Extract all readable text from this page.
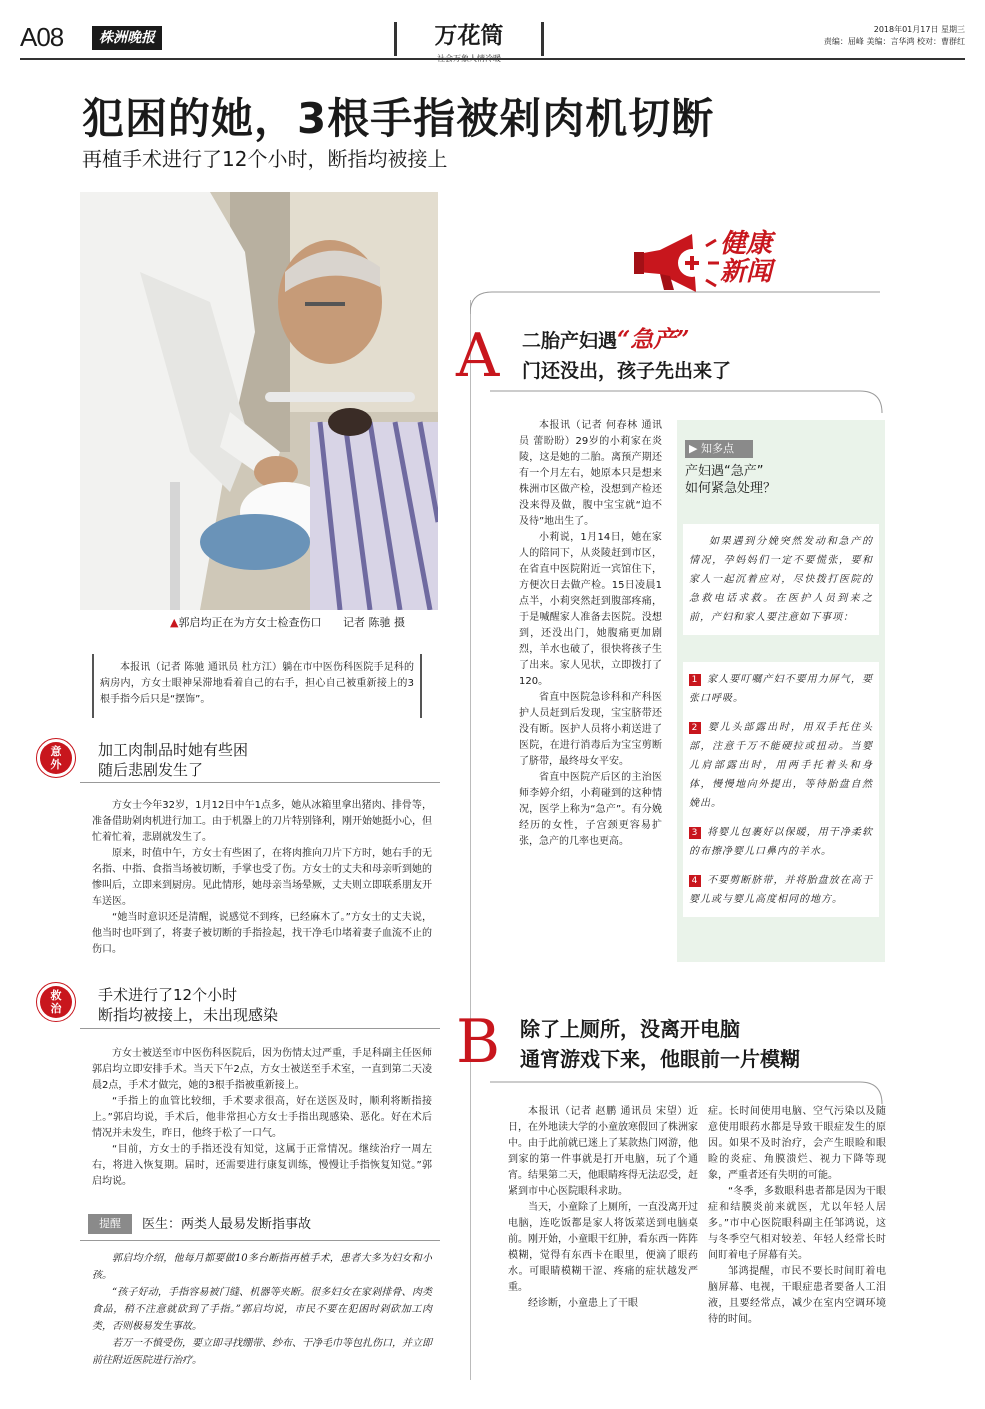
A08	株洲晚报	万花筒	2018年01月17日 星期三
责编：屈峰 美编：言华鸿 校对：曹群红
犯困的她，3根手指被剁肉机切断
再植手术进行了12个小时，断指均被接上
▲郭启均正在为方女士检查伤口 记者 陈驰 摄

本报讯（记者 陈驰 通讯员 杜方江）躺在市中医伤科医院手足科的病房内，方女士眼神呆滞地看着自己的右手，担心自己被重新接上的3根手指今后只是“摆饰”。

意外
加工肉制品时她有些困
随后悲剧发生了

方女士今年32岁，1月12日中午1点多，她从冰箱里拿出猪肉、排骨等，准备借助剁肉机进行加工。由于机器上的刀片特别锋利，刚开始她挺小心，但忙着忙着，悲剧就发生了。

原来，时值中午，方女士有些困了，在将肉推向刀片下方时，她右手的无名指、中指、食指当场被切断，手掌也受了伤。方女士的丈夫和母亲听到她的惨叫后，立即来到厨房。见此情形，她母亲当场晕厥，丈夫则立即联系朋友开车送医。

“她当时意识还是清醒，说感觉不到疼，已经麻木了。”方女士的丈夫说，他当时也吓到了，将妻子被切断的手指捡起，找干净毛巾堵着妻子血流不止的伤口。

救治
手术进行了12个小时
断指均被接上，未出现感染

方女士被送至市中医伤科医院后，因为伤情太过严重，手足科副主任医师郭启均立即安排手术。当天下午2点，方女士被送至手术室，一直到第二天凌晨2点，手术才做完，她的3根手指被重新接上。

“手指上的血管比较细，手术要求很高，好在送医及时，顺利将断指接上。”郭启均说，手术后，他非常担心方女士手指出现感染、恶化。好在术后情况并未发生，昨日，他终于松了一口气。

“目前，方女士的手指还没有知觉，这属于正常情况。继续治疗一周左右，将进入恢复期。届时，还需要进行康复训练，慢慢让手指恢复知觉。”郭启均说。

提醒	医生：两类人最易发断指事故

郭启均介绍，他每月都要做10多台断指再植手术，患者大多为妇女和小孩。

“孩子好动，手指容易被门缝、机器等夹断。很多妇女在家剁排骨、肉类食品，稍不注意就砍到了手指。”郭启均说，市民不要在犯困时剁砍加工肉类，否则极易发生事故。

若万一不慎受伤，要立即寻找绷带、纱布、干净毛巾等包扎伤口，并立即前往附近医院进行治疗。

健康
新闻
A 二胎产妇遇“急产”
门还没出，孩子先出来了

本报讯（记者 何春林 通讯员 蕾盼盼）29岁的小莉家在炎陵，这是她的二胎。离预产期还有一个月左右，她原本只是想来株洲市区做产检，没想到产检还没来得及做，腹中宝宝就“迫不及待”地出生了。

小莉说，1月14日，她在家人的陪同下，从炎陵赶到市区，在省直中医院附近一宾馆住下，方便次日去做产检。15日凌晨1点半，小莉突然赶到腹部疼痛，于是喊醒家人准备去医院。没想到，还没出门，她腹痛更加剧烈，羊水也破了，很快将孩子生了出来。家人见状，立即拨打了120。

省直中医院急诊科和产科医护人员赶到后发现，宝宝脐带还没有断。医护人员将小莉送进了医院，在进行消毒后为宝宝剪断了脐带，最终母女平安。

省直中医院产后区的主治医师李婷介绍，小莉碰到的这种情况，医学上称为“急产”。有分娩经历的女性，子宫颈更容易扩张，急产的几率也更高。

▶ 知多点
产妇遇“急产”
如何紧急处理？

如果遇到分娩突然发动和急产的情况，孕妈妈们一定不要慌张，要和家人一起沉着应对，尽快拨打医院的急救电话求救。在医护人员到来之前，产妇和家人要注意如下事项：

1 家人要叮嘱产妇不要用力屏气，要张口呼吸。

2 婴儿头部露出时，用双手托住头部，注意千万不能硬拉或扭动。当婴儿肩部露出时，用两手托着头和身体，慢慢地向外提出，等待胎盘自然娩出。

3 将婴儿包裹好以保暖，用干净柔软的布擦净婴儿口鼻内的羊水。

4 不要剪断脐带，并将胎盘放在高于婴儿或与婴儿高度相同的地方。

B 除了上厕所，没离开电脑
通宵游戏下来，他眼前一片模糊

本报讯（记者 赵鹏 通讯员 宋望）近日，在外地读大学的小童放寒假回了株洲家中。由于此前就已迷上了某款热门网游，他到家的第一件事就是打开电脑，玩了个通宵。结果第二天，他眼睛疼得无法忍受，赶紧到市中心医院眼科求助。

当天，小童除了上厕所，一直没离开过电脑，连吃饭都是家人将饭菜送到电脑桌前。刚开始，小童眼干红肿，看东西一阵阵模糊，觉得有东西卡在眼里，便滴了眼药水。可眼睛模糊干涩、疼痛的症状越发严重。

经诊断，小童患上了干眼

症。长时间使用电脑、空气污染以及随意使用眼药水都是导致干眼症发生的原因。如果不及时治疗，会产生眼睑和眼睑的炎症、角膜溃烂、视力下降等现象，严重者还有失明的可能。

“冬季，多数眼科患者都是因为干眼症和结膜炎前来就医，尤以年轻人居多。”市中心医院眼科副主任邹鸿说，这与冬季空气相对较差、年轻人经常长时间盯着电子屏幕有关。

邹鸿提醒，市民不要长时间盯着电脑屏幕、电视，干眼症患者要备人工泪液，且要经常点，减少在室内空调环境待的时间。
